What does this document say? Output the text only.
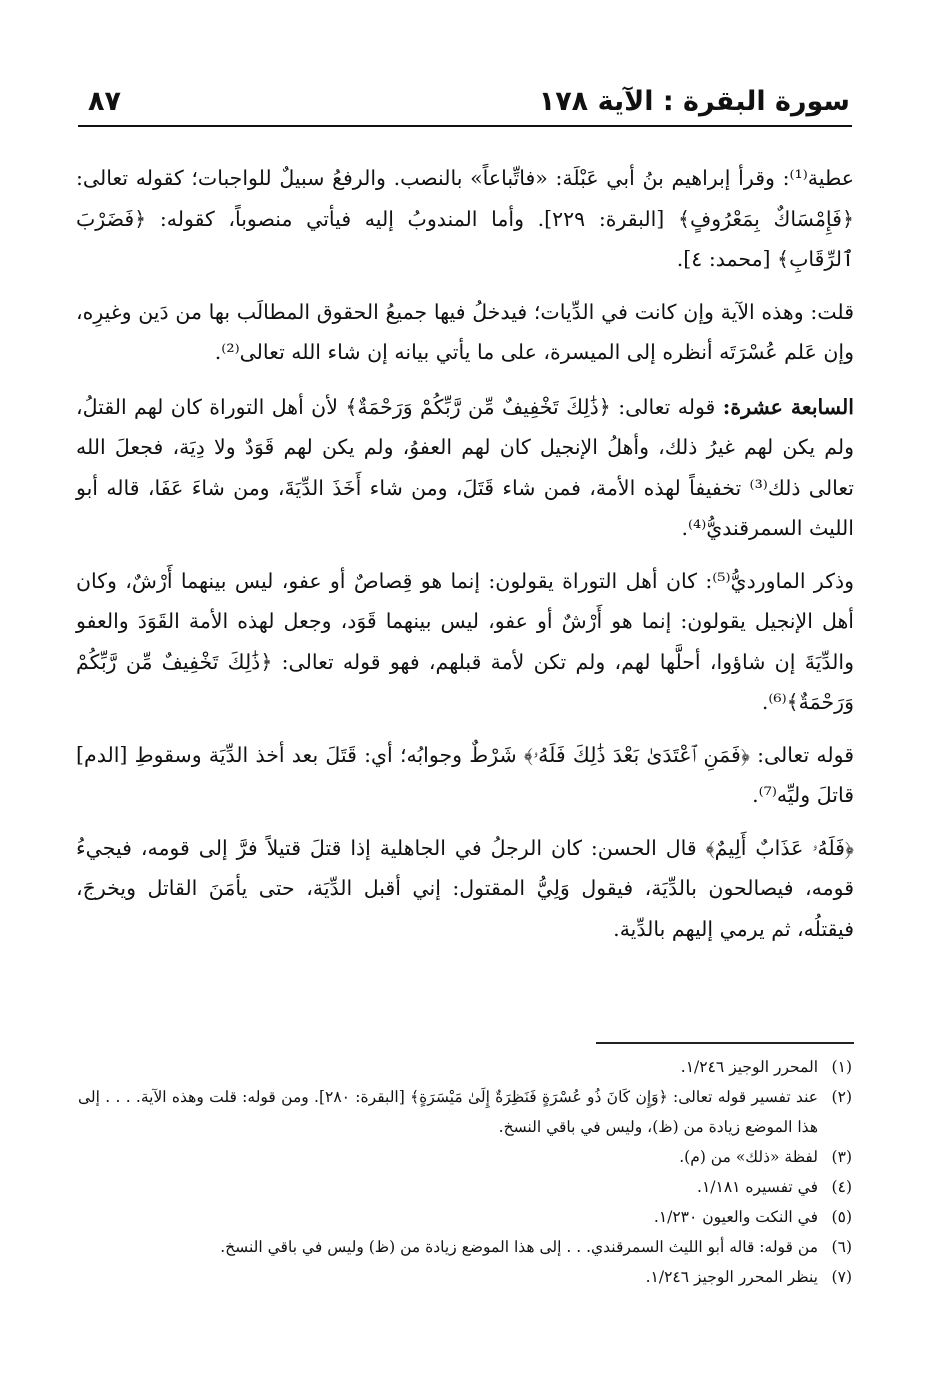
سورة البقرة : الآية ١٧٨
٨٧

عطية⁽¹⁾: وقرأ إبراهيم بنُ أبي عَبْلَة: «فاتِّباعاً» بالنصب. والرفعُ سبيلٌ للواجبات؛ كقوله تعالى: ﴿فَإِمْسَاكٌ بِمَعْرُوفٍ﴾ [البقرة: ٢٢٩]. وأما المندوبُ إليه فيأتي منصوباً، كقوله: ﴿فَضَرْبَ ٱلرِّقَابِ﴾ [محمد: ٤].

قلت: وهذه الآية وإن كانت في الدِّيات؛ فيدخلُ فيها جميعُ الحقوق المطالَب بها من دَين وغيرِه، وإن عَلم عُسْرَتَه أنظره إلى الميسرة، على ما يأتي بيانه إن شاء الله تعالى⁽²⁾.

السابعة عشرة: قوله تعالى: ﴿ذَٰلِكَ تَخْفِيفٌ مِّن رَّبِّكُمْ وَرَحْمَةٌ﴾ لأن أهل التوراة كان لهم القتلُ، ولم يكن لهم غيرُ ذلك، وأهلُ الإنجيل كان لهم العفوُ، ولم يكن لهم قَوَدٌ ولا دِيَة، فجعلَ الله تعالى ذلك⁽³⁾ تخفيفاً لهذه الأمة، فمن شاء قَتَلَ، ومن شاء أَخَذَ الدِّيَةَ، ومن شاءَ عَفَا، قاله أبو الليث السمرقنديُّ⁽⁴⁾.

وذكر الماورديُّ⁽⁵⁾: كان أهل التوراة يقولون: إنما هو قِصاصٌ أو عفو، ليس بينهما أَرْشٌ، وكان أهل الإنجيل يقولون: إنما هو أَرْشٌ أو عفو، ليس بينهما قَوَد، وجعل لهذه الأمة القَوَدَ والعفو والدِّيَةَ إن شاؤوا، أحلَّها لهم، ولم تكن لأمة قبلهم، فهو قوله تعالى: ﴿ذَٰلِكَ تَخْفِيفٌ مِّن رَّبِّكُمْ وَرَحْمَةٌ﴾⁽⁶⁾.

قوله تعالى: ﴿فَمَنِ ٱعْتَدَىٰ بَعْدَ ذَٰلِكَ فَلَهُۥ﴾ شَرْطٌ وجوابُه؛ أي: قَتَلَ بعد أخذ الدِّيَة وسقوطِ [الدم] قاتلَ وليِّه⁽⁷⁾.

﴿فَلَهُۥ عَذَابٌ أَلِيمٌ﴾ قال الحسن: كان الرجلُ في الجاهلية إذا قتلَ قتيلاً فرَّ إلى قومه، فيجيءُ قومه، فيصالحون بالدِّيَة، فيقول وَلِيُّ المقتول: إني أقبل الدِّيَة، حتى يأمَنَ القاتل ويخرجَ، فيقتلُه، ثم يرمي إليهم بالدِّية.

(١)
المحرر الوجيز ١/٢٤٦.
(٢)
عند تفسير قوله تعالى: ﴿وَإِن كَانَ ذُو عُسْرَةٍ فَنَظِرَةٌ إِلَىٰ مَيْسَرَةٍ﴾ [البقرة: ٢٨٠]. ومن قوله: قلت وهذه الآية. . . . إلى هذا الموضع زيادة من (ظ)، وليس في باقي النسخ.
(٣)
لفظة «ذلك» من (م).
(٤)
في تفسيره ١/١٨١.
(٥)
في النكت والعيون ١/٢٣٠.
(٦)
من قوله: قاله أبو الليث السمرقندي. . . إلى هذا الموضع زيادة من (ظ) وليس في باقي النسخ.
(٧)
ينظر المحرر الوجيز ١/٢٤٦.
